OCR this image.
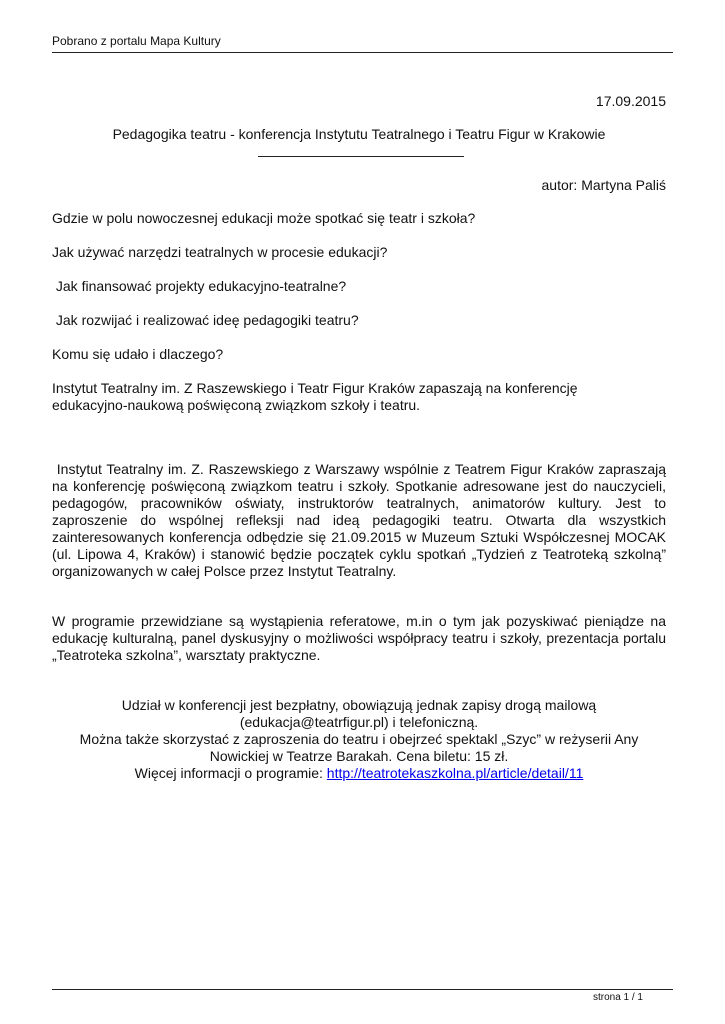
Pobrano z portalu Mapa Kultury
17.09.2015
Pedagogika teatru - konferencja Instytutu Teatralnego i Teatru Figur w Krakowie
autor: Martyna Paliś

Gdzie w polu nowoczesnej edukacji może spotkać się teatr i szkoła?

Jak używać narzędzi teatralnych w procesie edukacji?

Jak finansować projekty edukacyjno-teatralne?

Jak rozwijać i realizować ideę pedagogiki teatru?

Komu się udało i dlaczego?

Instytut Teatralny im. Z Raszewskiego i Teatr Figur Kraków zapaszają na konferencję edukacyjno-naukową poświęconą związkom szkoły i teatru.

Instytut Teatralny im. Z. Raszewskiego z Warszawy wspólnie z Teatrem Figur Kraków zapraszają na konferencję poświęconą związkom teatru i szkoły. Spotkanie adresowane jest do nauczycieli, pedagogów, pracowników oświaty, instruktorów teatralnych, animatorów kultury. Jest to zaproszenie do wspólnej refleksji nad ideą pedagogiki teatru. Otwarta dla wszystkich zainteresowanych konferencja odbędzie się 21.09.2015 w Muzeum Sztuki Współczesnej MOCAK (ul. Lipowa 4, Kraków) i stanowić będzie początek cyklu spotkań „Tydzień z Teatroteką szkolną” organizowanych w całej Polsce przez Instytut Teatralny.

W programie przewidziane są wystąpienia referatowe, m.in o tym jak pozyskiwać pieniądze na edukację kulturalną, panel dyskusyjny o możliwości współpracy teatru i szkoły, prezentacja portalu „Teatroteka szkolna”, warsztaty praktyczne.

Udział w konferencji jest bezpłatny, obowiązują jednak zapisy drogą mailową (edukacja@teatrfigur.pl) i telefoniczną.
Można także skorzystać z zaproszenia do teatru i obejrzeć spektakl „Szyc” w reżyserii Any Nowickiej w Teatrze Barakah. Cena biletu: 15 zł.
Więcej informacji o programie: http://teatrotekaszkolna.pl/article/detail/11
strona 1 / 1
